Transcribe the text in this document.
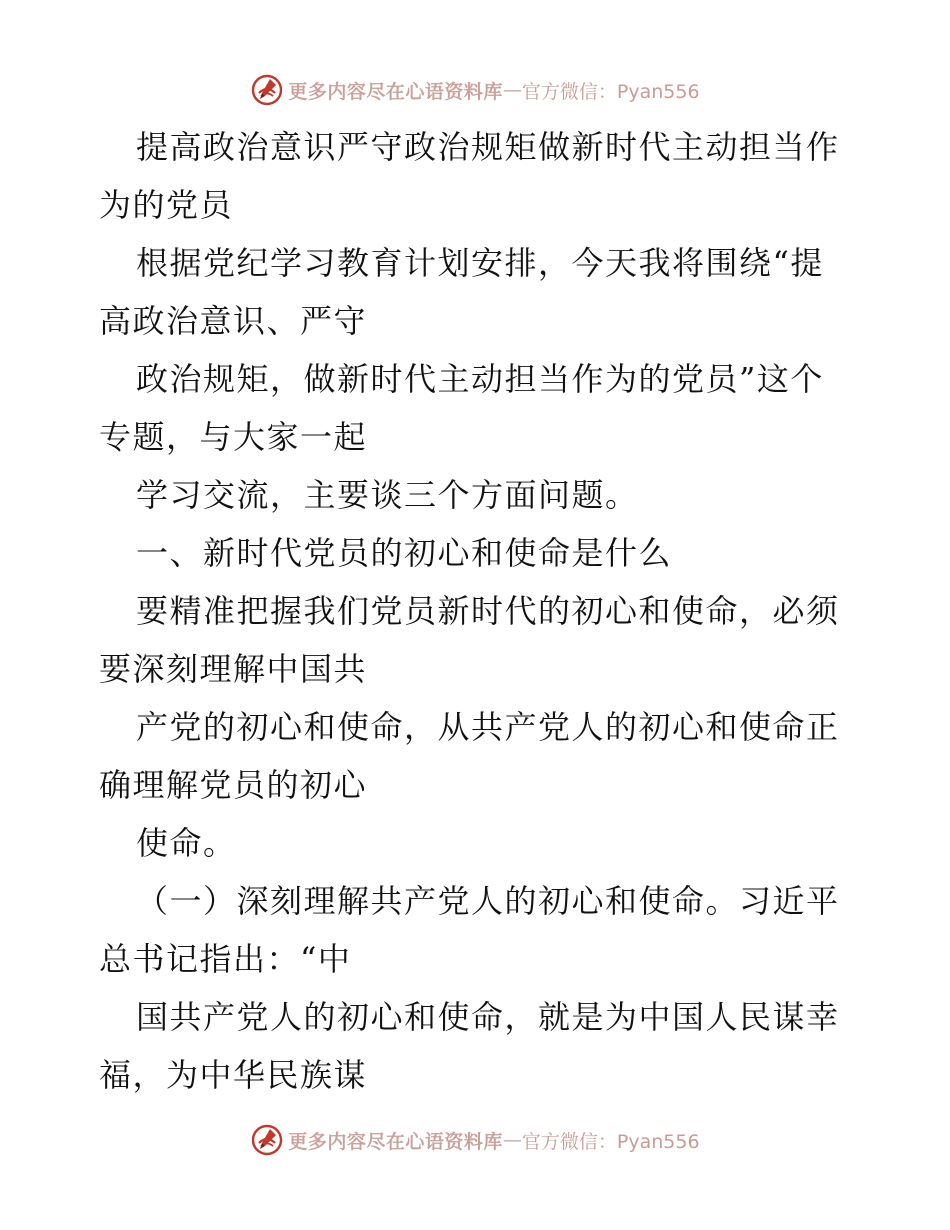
更多内容尽在心语资料库 — 官方微信：Pyan556
提高政治意识严守政治规矩做新时代主动担当作
为的党员
根据党纪学习教育计划安排，今天我将围绕“提
高政治意识、严守
政治规矩，做新时代主动担当作为的党员”这个
专题，与大家一起
学习交流，主要谈三个方面问题。
一、新时代党员的初心和使命是什么
要精准把握我们党员新时代的初心和使命，必须
要深刻理解中国共
产党的初心和使命，从共产党人的初心和使命正
确理解党员的初心
使命。
（一）深刻理解共产党人的初心和使命。习近平
总书记指出：“中
国共产党人的初心和使命，就是为中国人民谋幸
福，为中华民族谋
更多内容尽在心语资料库 — 官方微信：Pyan556
